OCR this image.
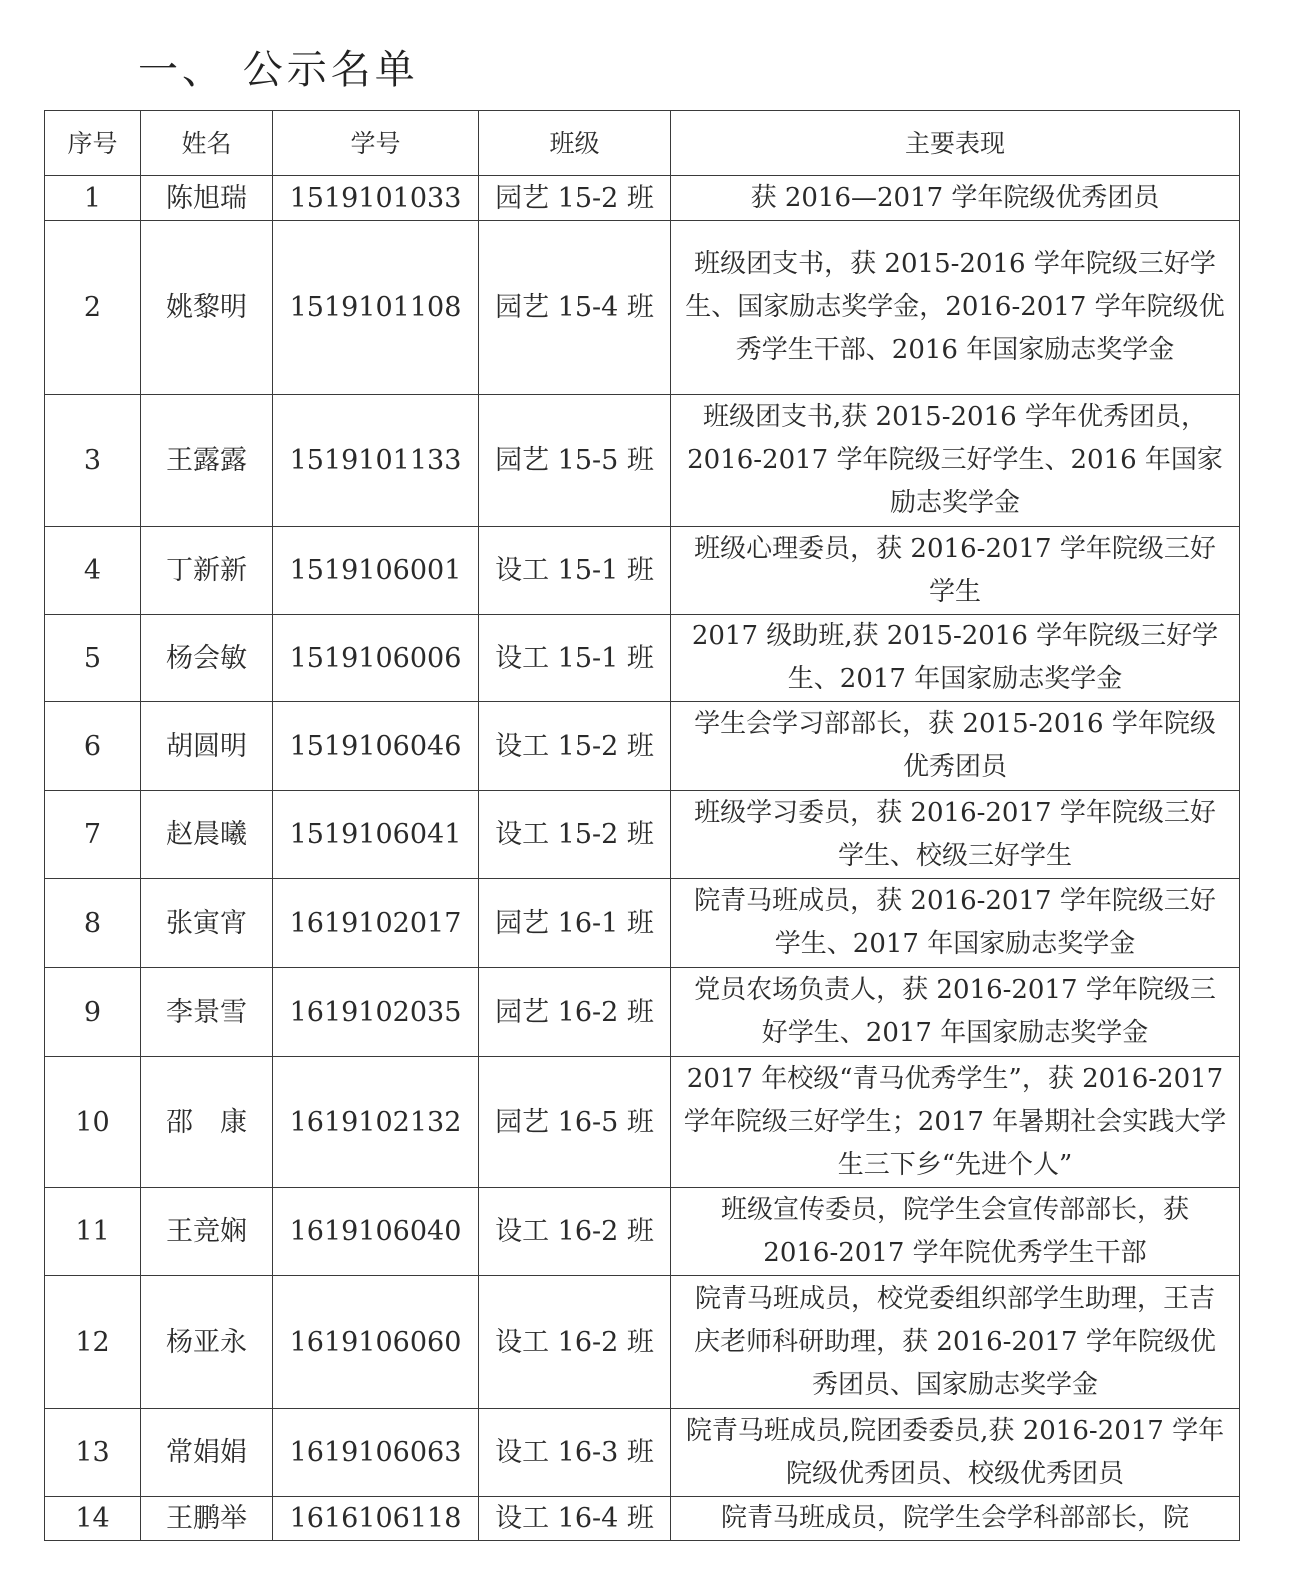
一、 公示名单
序号	姓名	学号	班级	主要表现
1	陈旭瑞	1519101033	园艺 15-2 班	获 2016—2017 学年院级优秀团员
2	姚黎明	1519101108	园艺 15-4 班	班级团支书，获 2015-2016 学年院级三好学生、国家励志奖学金，2016-2017 学年院级优秀学生干部、2016 年国家励志奖学金
3	王露露	1519101133	园艺 15-5 班	班级团支书,获 2015-2016 学年优秀团员，2016-2017 学年院级三好学生、2016 年国家励志奖学金
4	丁新新	1519106001	设工 15-1 班	班级心理委员，获 2016-2017 学年院级三好学生
5	杨会敏	1519106006	设工 15-1 班	2017 级助班,获 2015-2016 学年院级三好学生、2017 年国家励志奖学金
6	胡圆明	1519106046	设工 15-2 班	学生会学习部部长，获 2015-2016 学年院级优秀团员
7	赵晨曦	1519106041	设工 15-2 班	班级学习委员，获 2016-2017 学年院级三好学生、校级三好学生
8	张寅宵	1619102017	园艺 16-1 班	院青马班成员，获 2016-2017 学年院级三好学生、2017 年国家励志奖学金
9	李景雪	1619102035	园艺 16-2 班	党员农场负责人，获 2016-2017 学年院级三好学生、2017 年国家励志奖学金
10	邵　康	1619102132	园艺 16-5 班	2017 年校级“青马优秀学生”，获 2016-2017 学年院级三好学生；2017 年暑期社会实践大学生三下乡“先进个人”
11	王竞娴	1619106040	设工 16-2 班	班级宣传委员，院学生会宣传部部长，获 2016-2017 学年院优秀学生干部
12	杨亚永	1619106060	设工 16-2 班	院青马班成员，校党委组织部学生助理，王吉庆老师科研助理，获 2016-2017 学年院级优秀团员、国家励志奖学金
13	常娟娟	1619106063	设工 16-3 班	院青马班成员,院团委委员,获 2016-2017 学年院级优秀团员、校级优秀团员
14	王鹏举	1616106118	设工 16-4 班	院青马班成员，院学生会学科部部长，院
